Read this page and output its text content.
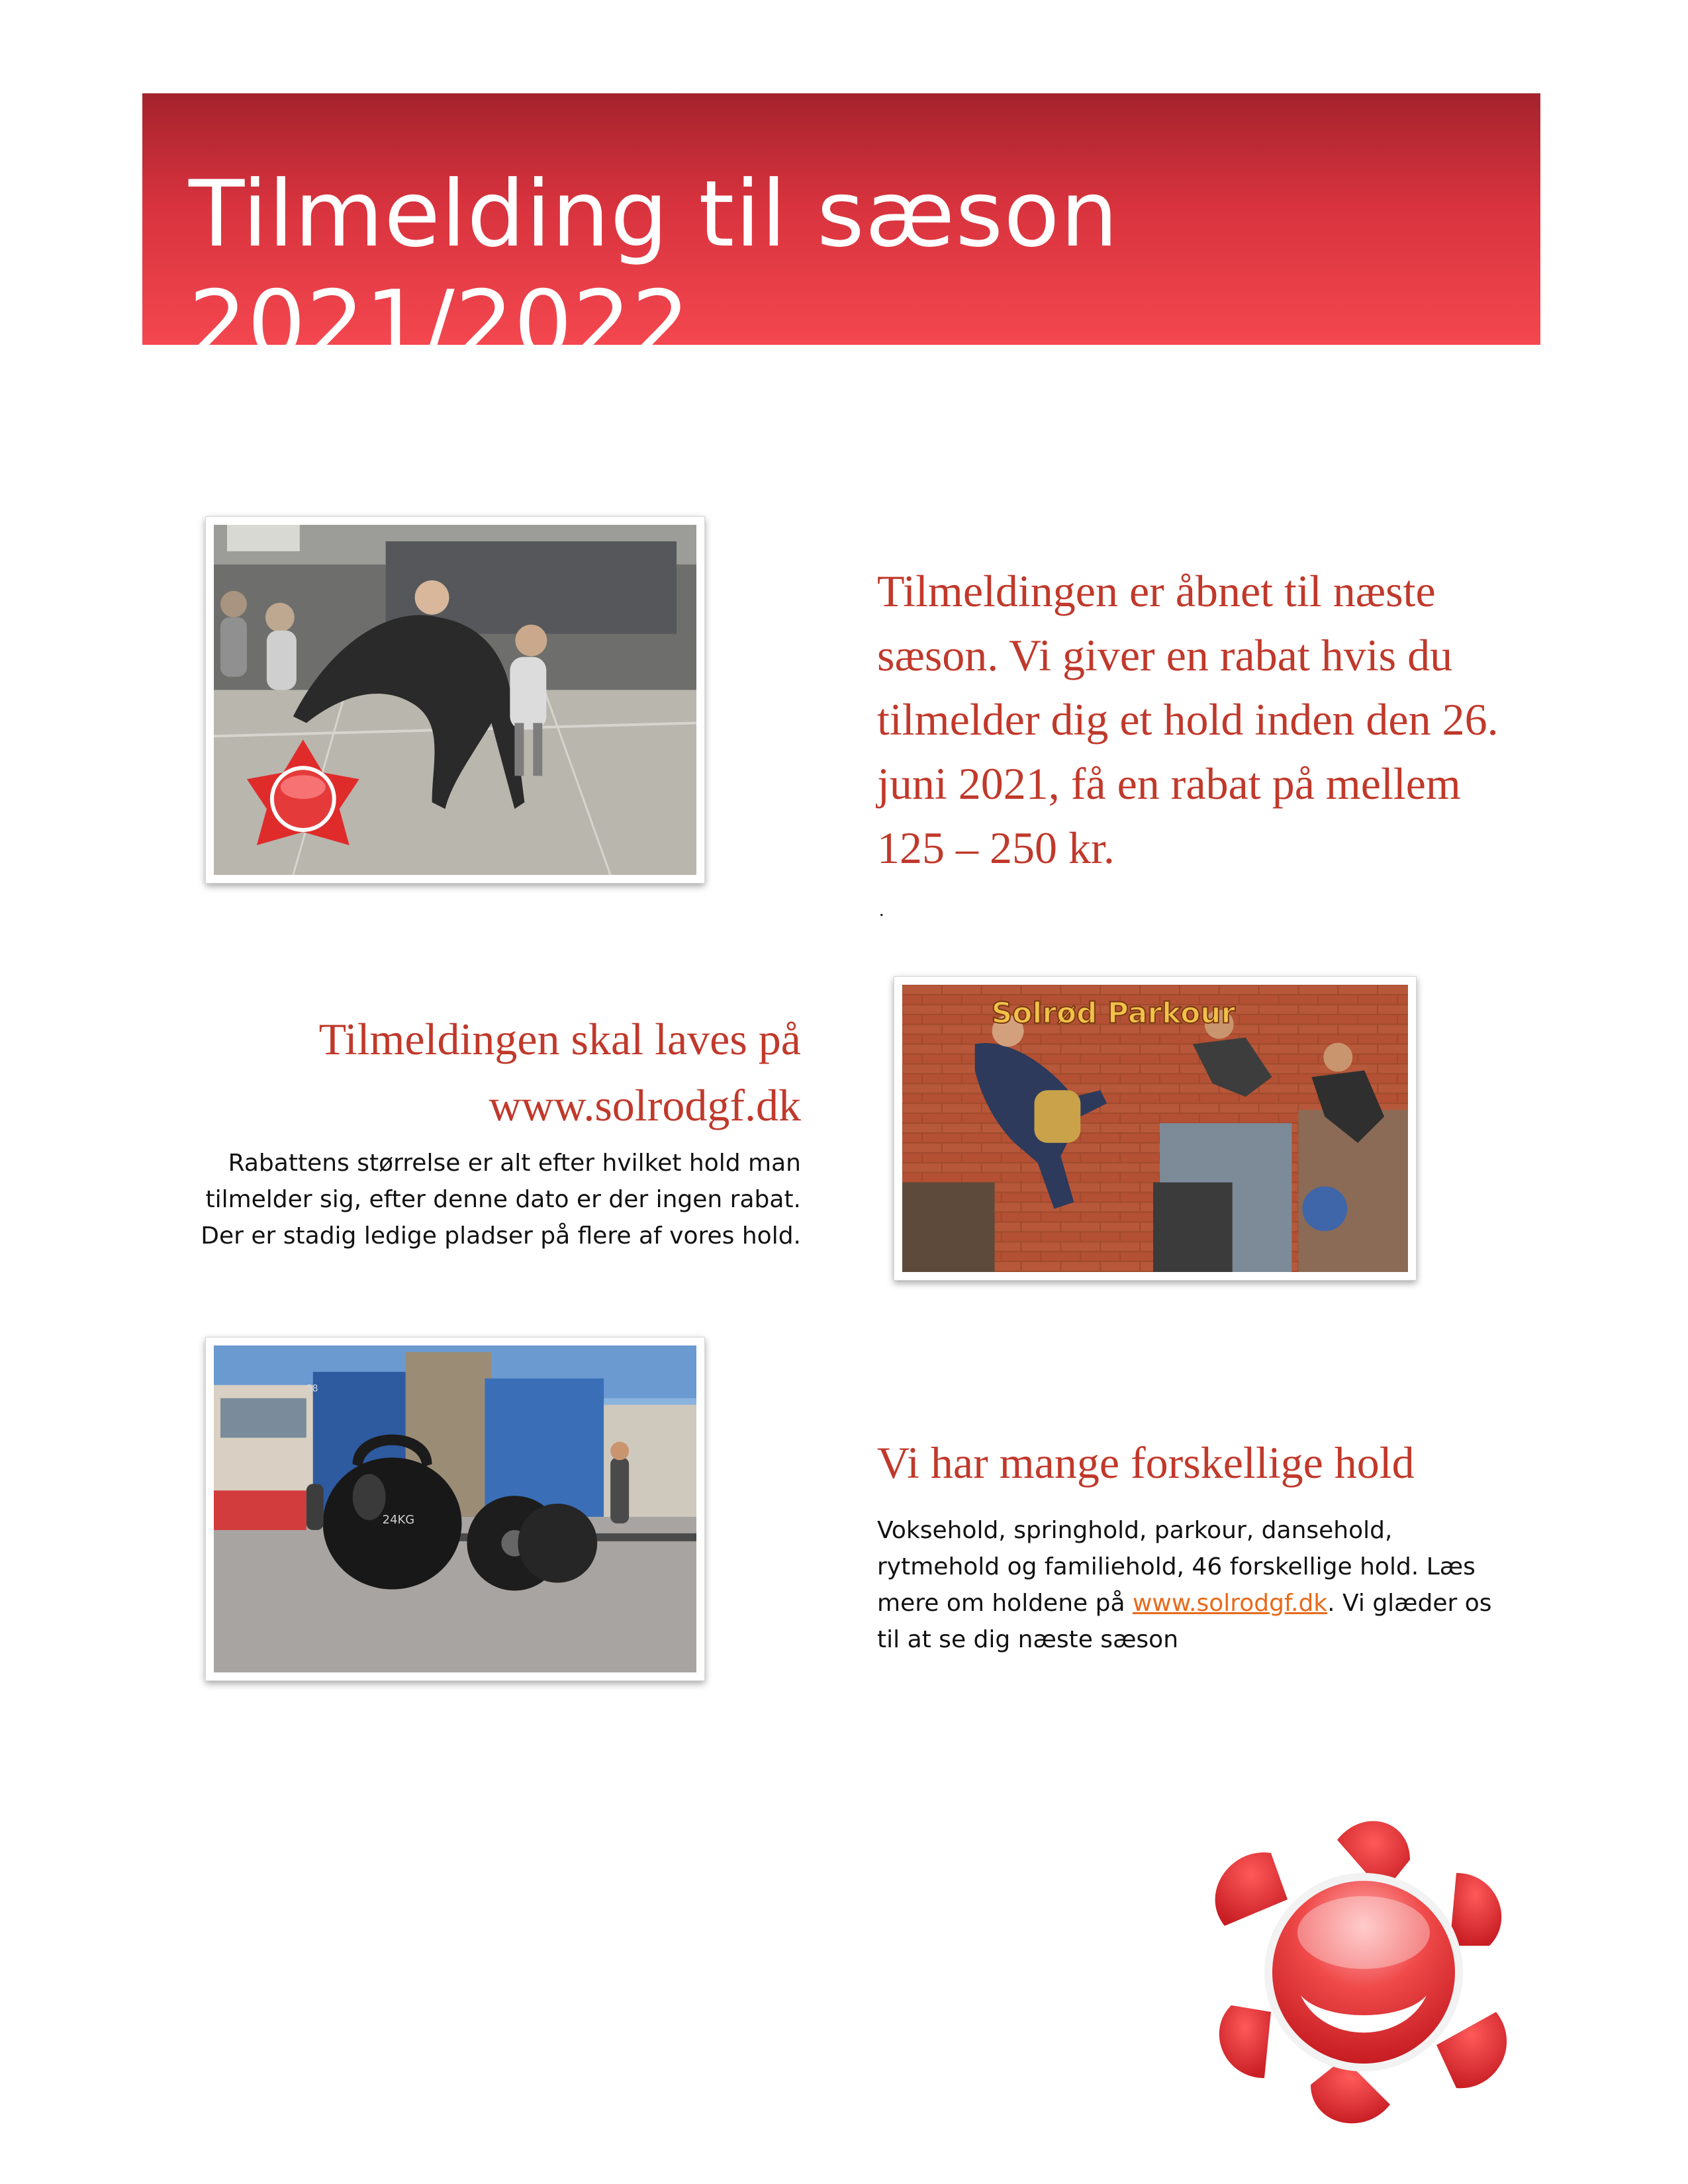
Tilmelding til sæson 2021/2022

Tilmeldingen er åbnet til næste sæson. Vi giver en rabat hvis du tilmelder dig et hold inden den 26. juni 2021, få en rabat på mellem 125 – 250 kr.

.
Solrød Parkour
Tilmeldingen skal laves på
www.solrodgf.dk

Rabattens størrelse er alt efter hvilket hold man tilmelder sig, efter denne dato er der ingen rabat. Der er stadig ledige pladser på flere af vores hold.

24KG
58
Vi har mange forskellige hold

Voksehold, springhold, parkour, dansehold, rytmehold og familiehold, 46 forskellige hold. Læs mere om holdene på www.solrodgf.dk. Vi glæder os til at se dig næste sæson
